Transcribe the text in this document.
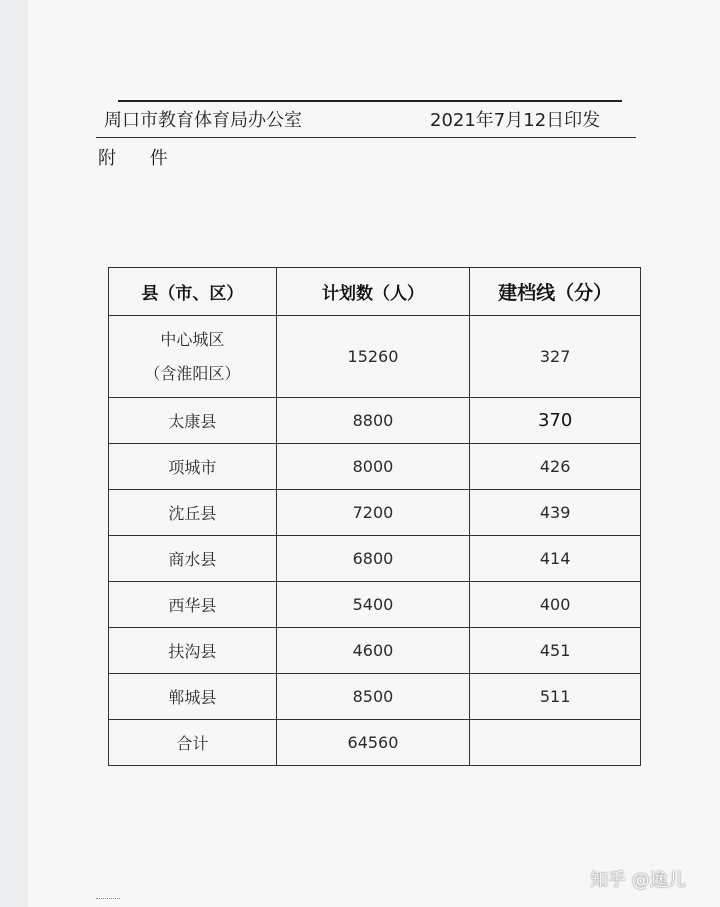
周口市教育体育局办公室	2021年7月12日印发
附 件
县（市、区）	计划数（人）	建档线（分）

中心城区
（含淮阳区）	15260	327
太康县	8800	370
项城市	8000	426
沈丘县	7200	439
商水县	6800	414
西华县	5400	400
扶沟县	4600	451
郸城县	8500	511
合计	64560	
知乎 @逸儿
